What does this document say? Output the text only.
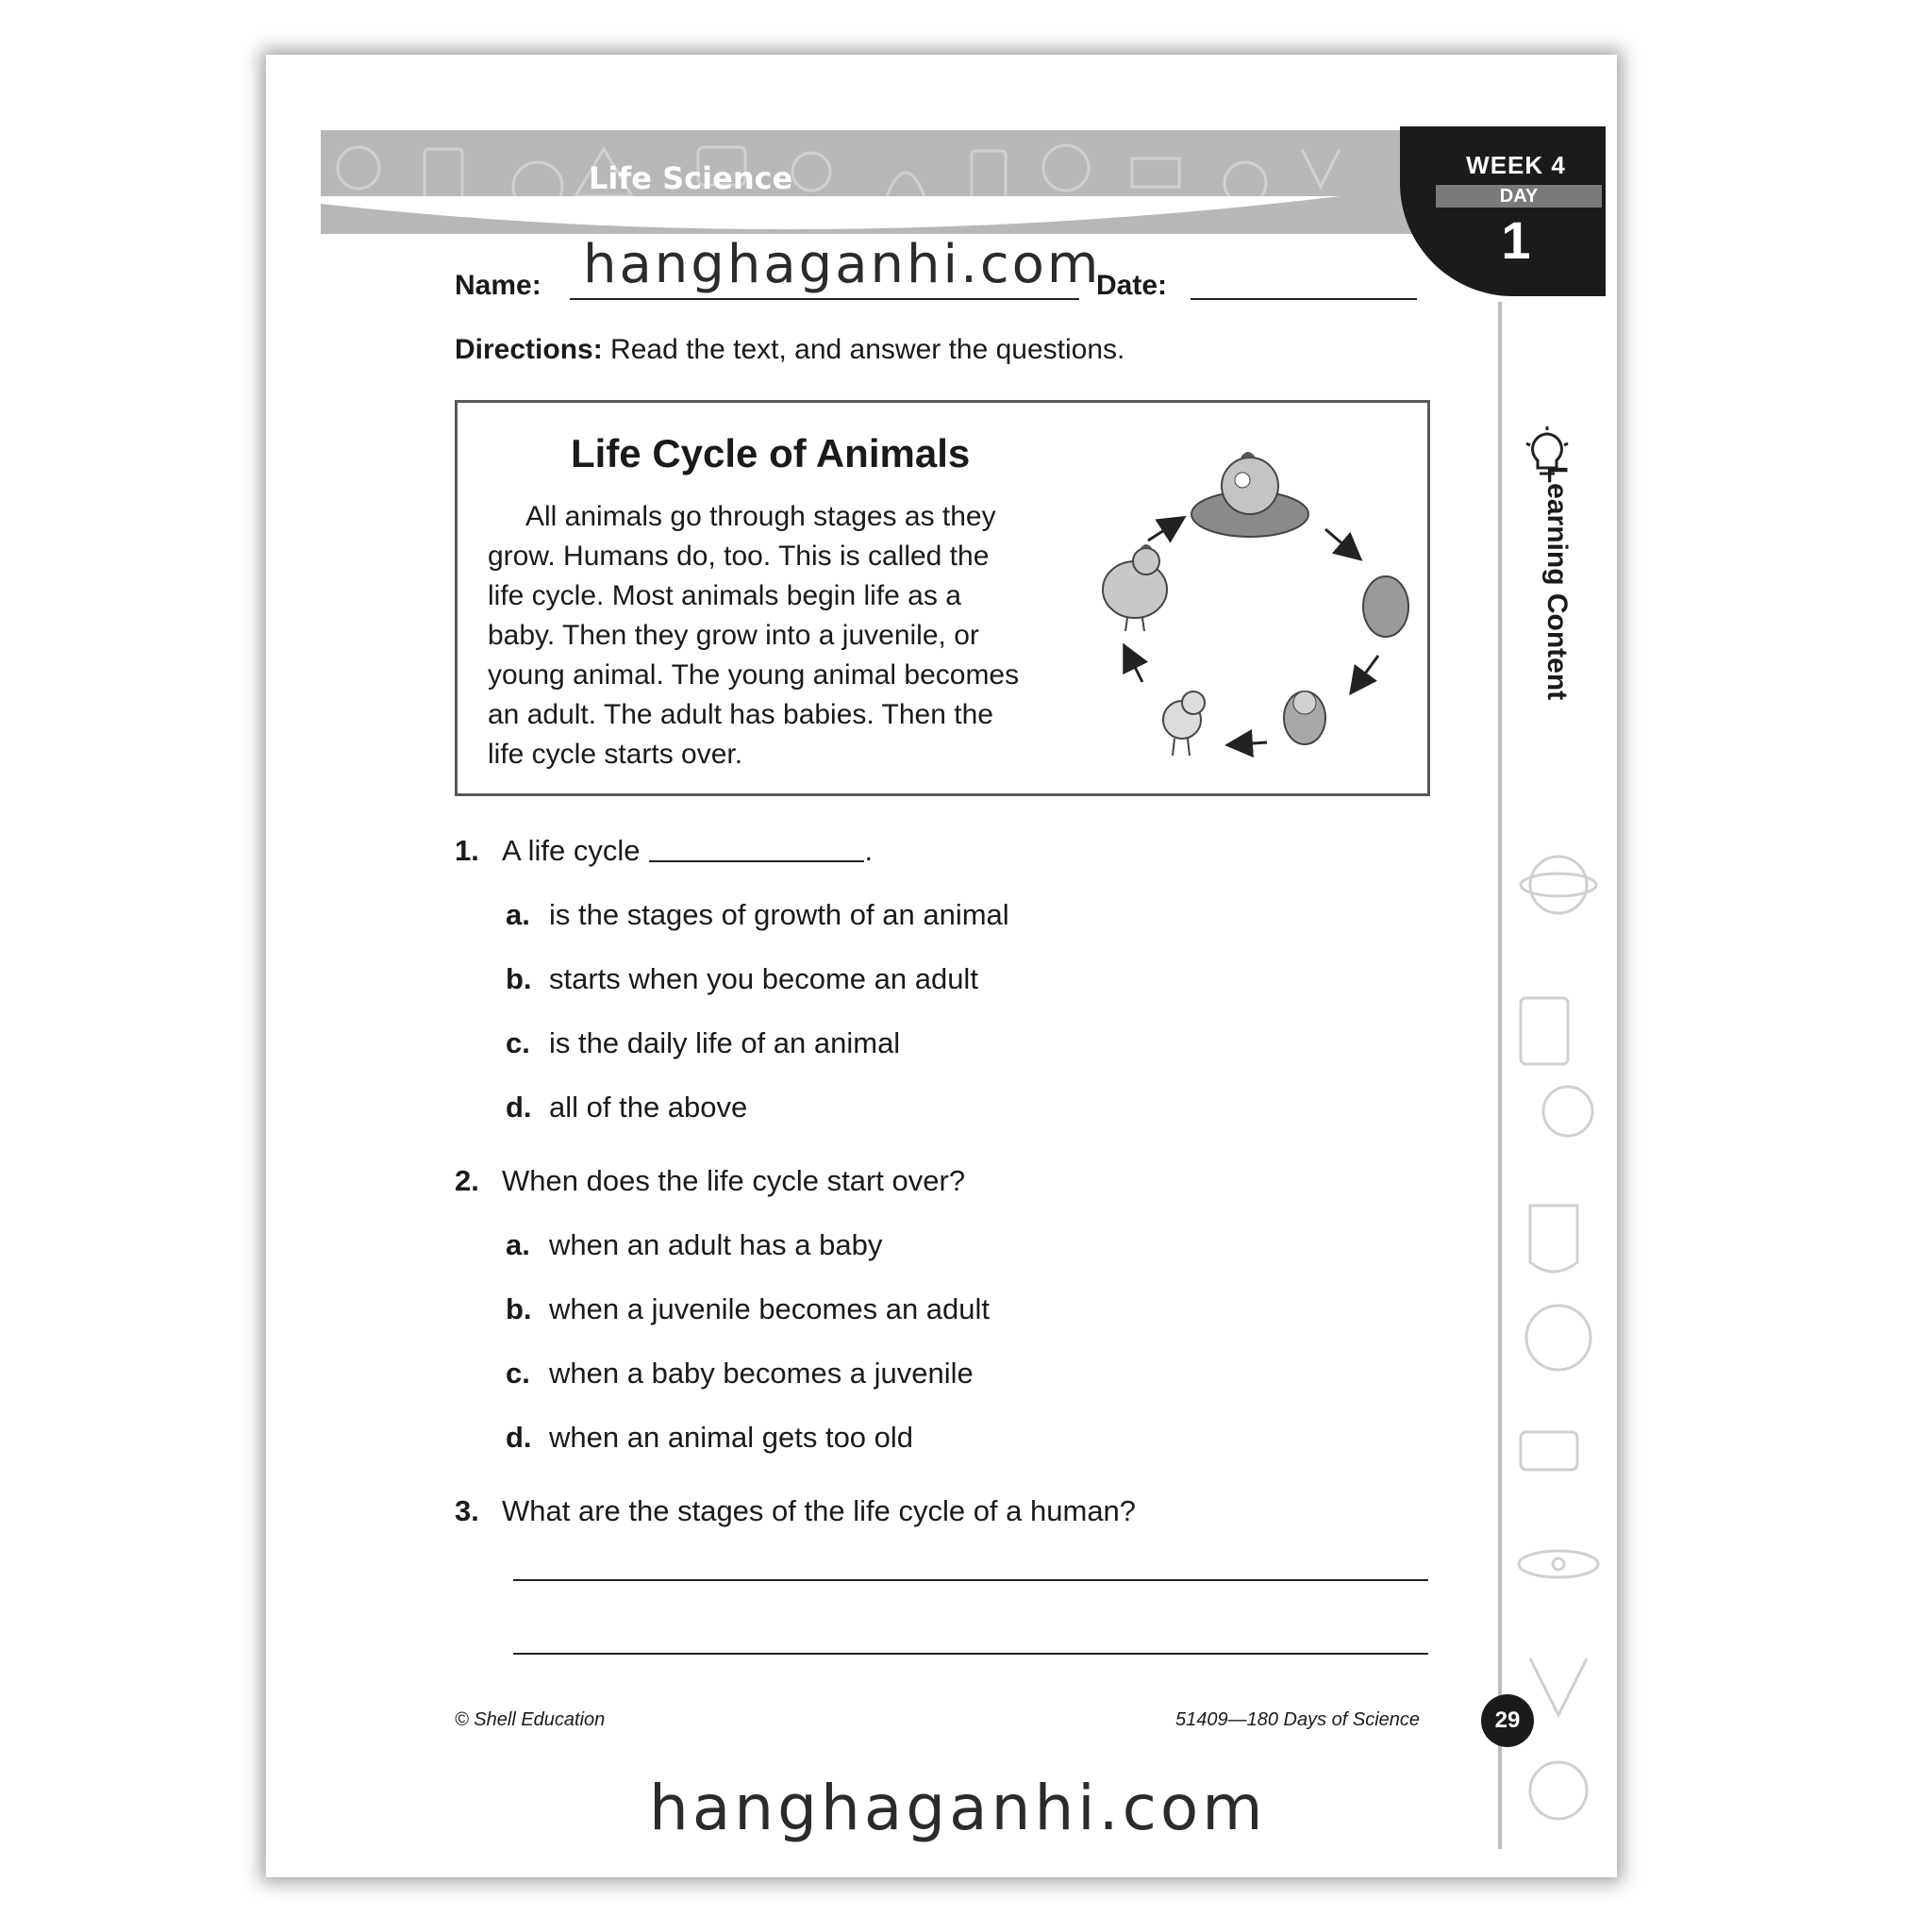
Life Science	WEEK 4
DAY
1
Learning Content
hanghaganhi.com
Name:	Date:
Directions: Read the text, and answer the questions.
Life Cycle of Animals
All animals go through stages as they grow. Humans do, too. This is called the life cycle. Most animals begin life as a baby. Then they grow into a juvenile, or young animal. The young animal becomes an adult. The adult has babies. Then the life cycle starts over.
1. A life cycle	.
a. is the stages of growth of an animal
b. starts when you become an adult
c. is the daily life of an animal
d. all of the above
2. When does the life cycle start over?
a. when an adult has a baby
b. when a juvenile becomes an adult
c. when a baby becomes a juvenile
d. when an animal gets too old
3. What are the stages of the life cycle of a human?
© Shell Education	51409—180 Days of Science	29
hanghaganhi.com
